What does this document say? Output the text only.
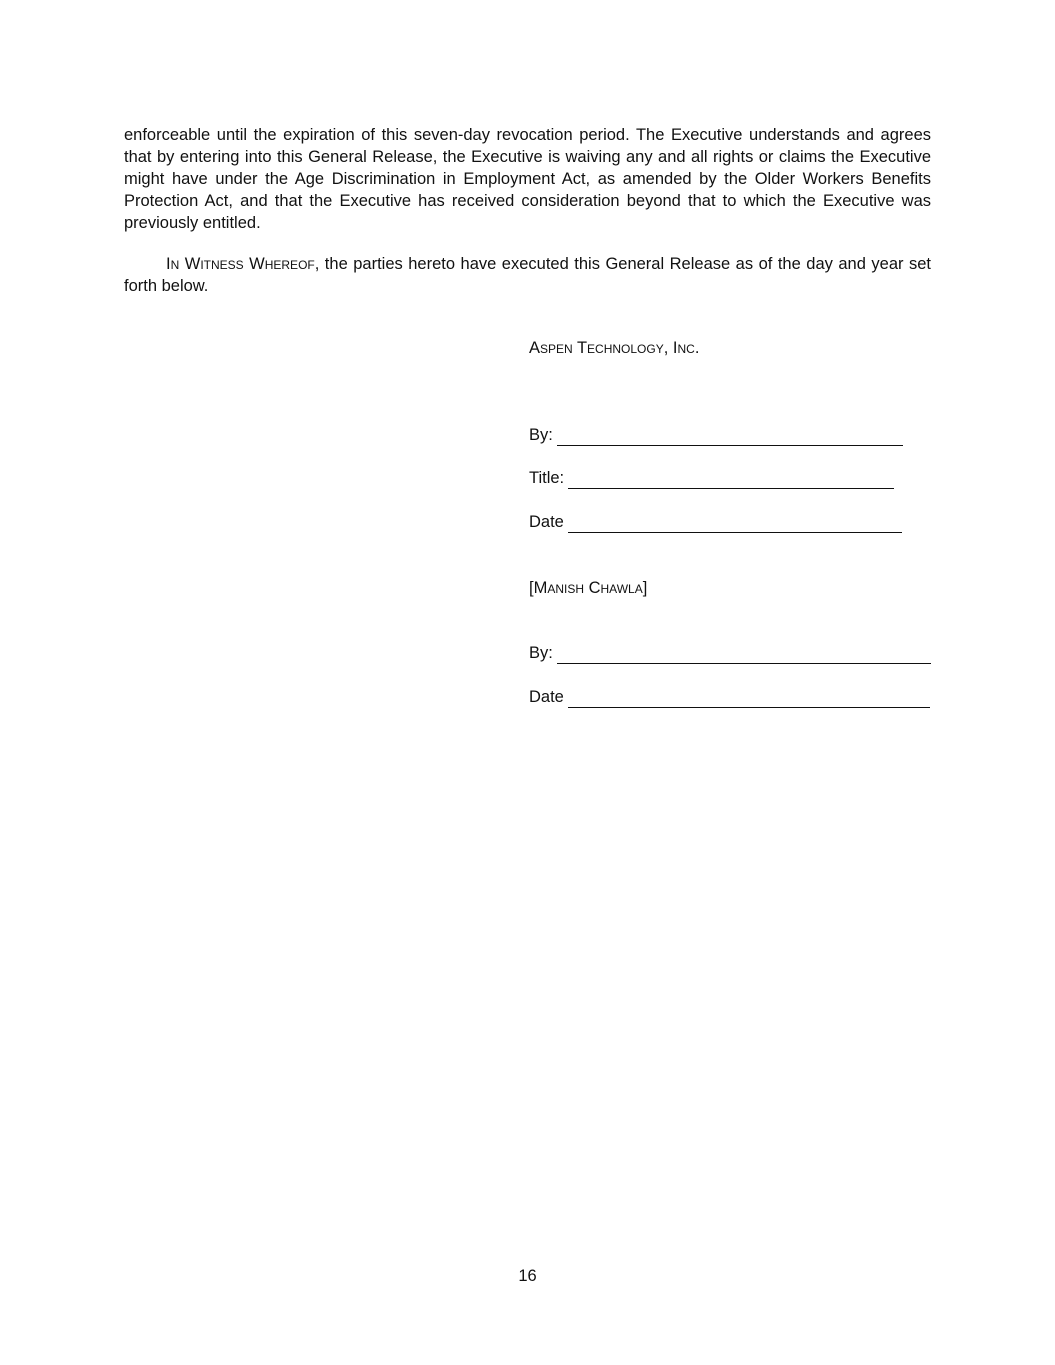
enforceable until the expiration of this seven-day revocation period. The Executive understands and agrees that by entering into this General Release, the Executive is waiving any and all rights or claims the Executive might have under the Age Discrimination in Employment Act, as amended by the Older Workers Benefits Protection Act, and that the Executive has received consideration beyond that to which the Executive was previously entitled.

In Witness Whereof, the parties hereto have executed this General Release as of the day and year set forth below.

Aspen Technology, Inc.
By:
Title:
Date
[Manish Chawla]
By:
Date
16
